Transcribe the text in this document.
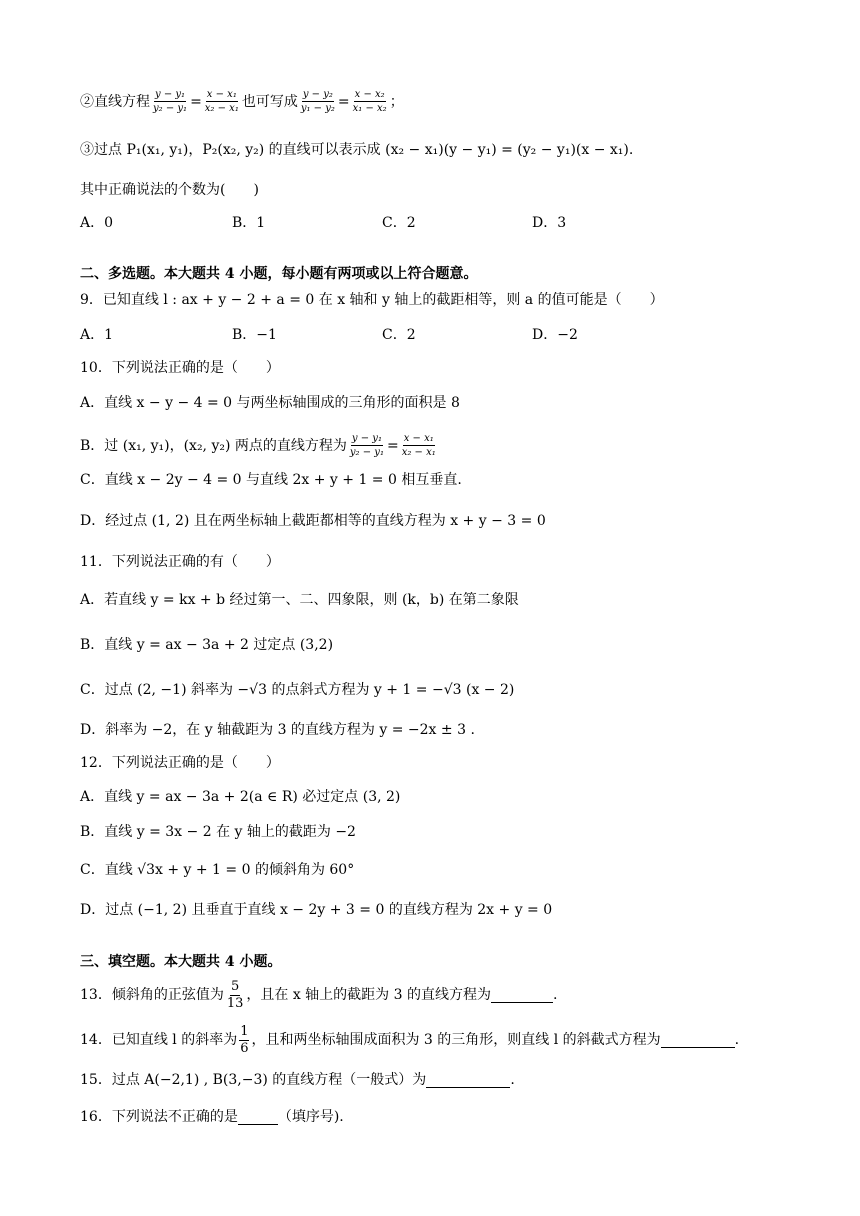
②直线方程 $\frac{\text{y − y₁}}{\text{y₂ − y₁}} = \frac{\text{x − x₁}}{\text{x₂ − x₁}}$ 也可写成 $\frac{\text{y − y₂}}{\text{y₁ − y₂}} = \frac{\text{x − x₂}}{\text{x₁ − x₂}}$ ；
③过点 P₁(x₁, y₁)，P₂(x₂, y₂) 的直线可以表示成 (x₂ − x₁)(y − y₁) = (y₂ − y₁)(x − x₁).
其中正确说法的个数为(　　)
A．0	B．1	C．2	D．3
二、多选题。本大题共 4 小题，每小题有两项或以上符合题意。
9．已知直线 l : ax + y − 2 + a = 0 在 x 轴和 y 轴上的截距相等，则 a 的值可能是（　　）
A．1	B．−1	C．2	D．−2
10．下列说法正确的是（　　）
A．直线 x − y − 4 = 0 与两坐标轴围成的三角形的面积是 8
B．过 (x₁, y₁)，(x₂, y₂) 两点的直线方程为 $\frac{\text{y − y₁}}{\text{y₂ − y₁}} = \frac{\text{x − x₁}}{\text{x₂ − x₁}}$
C．直线 x − 2y − 4 = 0 与直线 2x + y + 1 = 0 相互垂直.
D．经过点 (1, 2) 且在两坐标轴上截距都相等的直线方程为 x + y − 3 = 0
11．下列说法正确的有（　　）
A．若直线 y = kx + b 经过第一、二、四象限，则 (k，b) 在第二象限
B．直线 y = ax − 3a + 2 过定点 (3,2)
C．过点 (2, −1) 斜率为 −√3 的点斜式方程为 y + 1 = −√3 (x − 2)
D．斜率为 −2，在 y 轴截距为 3 的直线方程为 y = −2x ± 3 .
12．下列说法正确的是（　　）
A．直线 y = ax − 3a + 2(a ∈ R) 必过定点 (3, 2)
B．直线 y = 3x − 2 在 y 轴上的截距为 −2
C．直线 √3x + y + 1 = 0 的倾斜角为 60°
D．过点 (−1, 2) 且垂直于直线 x − 2y + 3 = 0 的直线方程为 2x + y = 0
三、填空题。本大题共 4 小题。
13．倾斜角的正弦值为 $\frac{5}{13}$ ，且在 x 轴上的截距为 3 的直线方程为	.
14．已知直线 l 的斜率为 $\frac{1}{6}$ ，且和两坐标轴围成面积为 3 的三角形，则直线 l 的斜截式方程为	.
15．过点 A(−2,1) , B(3,−3) 的直线方程（一般式）为	.
16．下列说法不正确的是	（填序号).
